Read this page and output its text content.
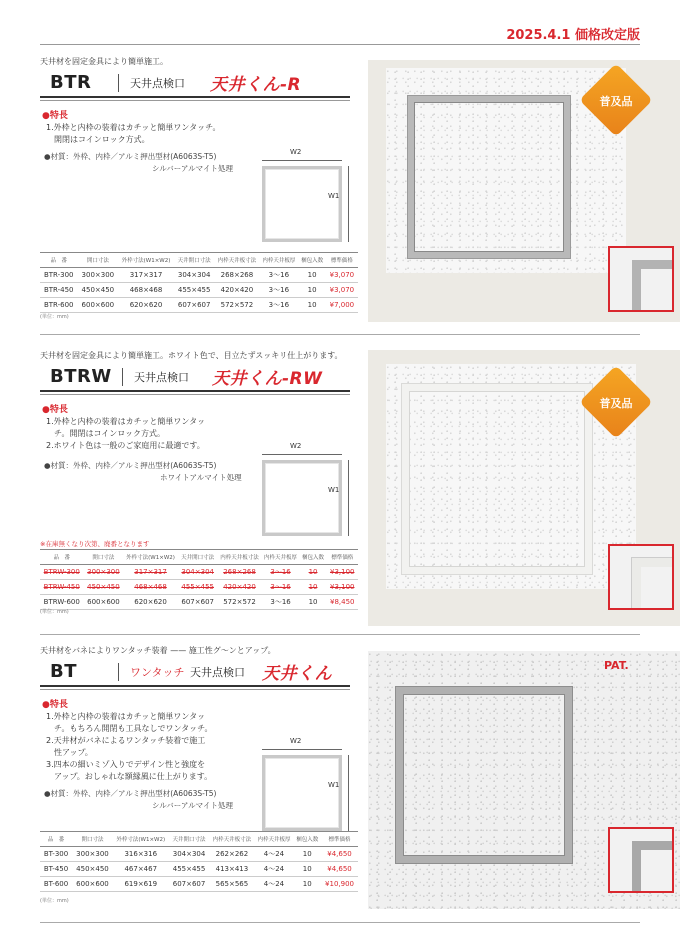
2025.4.1 価格改定版
天井材を固定金具により簡単施工。
BTR	天井点検口 天井くん-R
●特長
1.外枠と内枠の装着はカチッと簡単ワンタッチ。
　開閉はコインロック方式。
●材質：外枠、内枠／アルミ押出型材(A6063S-T5)
シルバーアルマイト処理
W2
W1
品　番	開口寸法	外枠寸法(W1×W2)	天井開口寸法	内枠天井板寸法	内枠天井板厚	梱包入数	標準価格
BTR-300	300×300	317×317	304×304	268×268	3～16	10	¥3,070
BTR-450	450×450	468×468	455×455	420×420	3～16	10	¥3,070
BTR-600	600×600	620×620	607×607	572×572	3～16	10	¥7,000
(単位：mm)
普及品
天井材を固定金具により簡単施工。ホワイト色で、目立たずスッキリ仕上がります。
BTRW 天井点検口 天井くん-RW
●特長
1.外枠と内枠の装着はカチッと簡単ワンタッ
　チ。開閉はコインロック方式。
2.ホワイト色は一般のご家庭用に最適です。
●材質：外枠、内枠／アルミ押出型材(A6063S-T5)
ホワイトアルマイト処理
W2
W1
※在庫無くなり次第、廃番となります
品　番	開口寸法	外枠寸法(W1×W2)	天井開口寸法	内枠天井板寸法	内枠天井板厚	梱包入数	標準価格
BTRW-300	300×300	317×317	304×304	268×268	3～16	10	¥3,100
BTRW-450	450×450	468×468	455×455	420×420	3～16	10	¥3,100
BTRW-600	600×600	620×620	607×607	572×572	3～16	10	¥8,450
(単位：mm)
普及品
天井材をバネによりワンタッチ装着 —— 施工性グ～ンとアップ。
BT	ワンタッチ 天井点検口 天井くん
●特長
1.外枠と内枠の装着はカチッと簡単ワンタッ
　チ。もちろん開閉も工具なしでワンタッチ。
2.天井材がバネによるワンタッチ装着で施工
　性アップ。
3.四本の細いミゾ入りでデザイン性と強度を
　アップ。おしゃれな額縁風に仕上がります。
●材質：外枠、内枠／アルミ押出型材(A6063S-T5)
シルバーアルマイト処理
W2
W1
品　番	開口寸法	外枠寸法(W1×W2)	天井開口寸法	内枠天井板寸法	内枠天井板厚	梱包入数	標準価格
BT-300	300×300	316×316	304×304	262×262	4～24	10	¥4,650
BT-450	450×450	467×467	455×455	413×413	4～24	10	¥4,650
BT-600	600×600	619×619	607×607	565×565	4～24	10	¥10,900
(単位：mm)
PAT.
